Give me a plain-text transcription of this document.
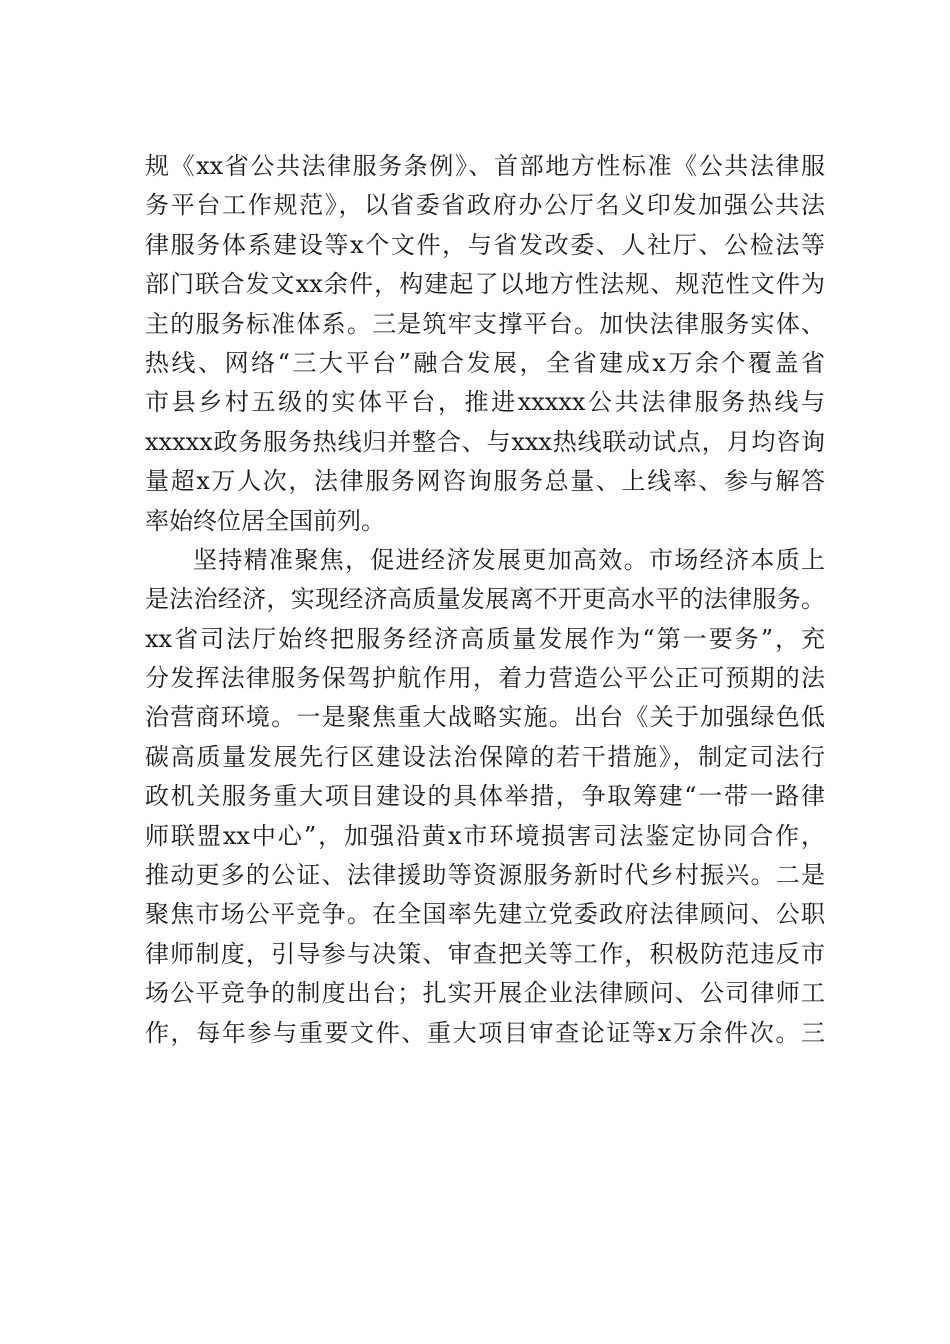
规《xx省公共法律服务条例》、首部地方性标准《公共法律服
务平台工作规范》，以省委省政府办公厅名义印发加强公共法
律服务体系建设等x个文件，与省发改委、人社厅、公检法等
部门联合发文xx余件，构建起了以地方性法规、规范性文件为
主的服务标准体系。三是筑牢支撑平台。加快法律服务实体、
热线、网络“三大平台”融合发展，全省建成x万余个覆盖省
市县乡村五级的实体平台，推进xxxxx公共法律服务热线与
xxxxx政务服务热线归并整合、与xxx热线联动试点，月均咨询
量超x万人次，法律服务网咨询服务总量、上线率、参与解答
率始终位居全国前列。
坚持精准聚焦，促进经济发展更加高效。市场经济本质上
是法治经济，实现经济高质量发展离不开更高水平的法律服务。
xx省司法厅始终把服务经济高质量发展作为“第一要务”，充
分发挥法律服务保驾护航作用，着力营造公平公正可预期的法
治营商环境。一是聚焦重大战略实施。出台《关于加强绿色低
碳高质量发展先行区建设法治保障的若干措施》，制定司法行
政机关服务重大项目建设的具体举措，争取筹建“一带一路律
师联盟xx中心”，加强沿黄x市环境损害司法鉴定协同合作，
推动更多的公证、法律援助等资源服务新时代乡村振兴。二是
聚焦市场公平竞争。在全国率先建立党委政府法律顾问、公职
律师制度，引导参与决策、审查把关等工作，积极防范违反市
场公平竞争的制度出台；扎实开展企业法律顾问、公司律师工
作，每年参与重要文件、重大项目审查论证等x万余件次。三
